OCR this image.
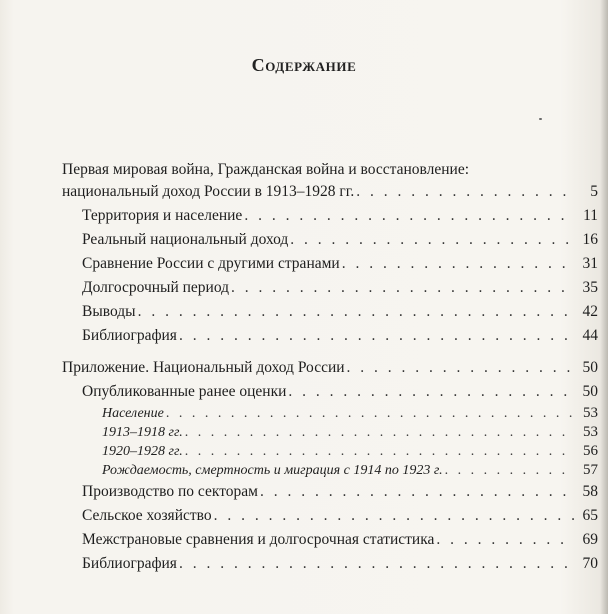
Содержание
Первая мировая война, Гражданская война и восстановление:
национальный доход России в 1913–1928 гг. . . .	5
Территория и население . . .	11
Реальный национальный доход . . .	16
Сравнение России с другими странами . . .	31
Долгосрочный период . . .	35
Выводы . . .	42
Библиография . . .	44
Приложение. Национальный доход России . . .	50
Опубликованные ранее оценки . . .	50
Население . . .	53
1913–1918 гг. . . .	53
1920–1928 гг. . . .	56
Рождаемость, смертность и миграция с 1914 по 1923 г. . . .	57
Производство по секторам . . .	58
Сельское хозяйство . . .	65
Межстрановые сравнения и долгосрочная статистика . . .	69
Библиография . . .	70
